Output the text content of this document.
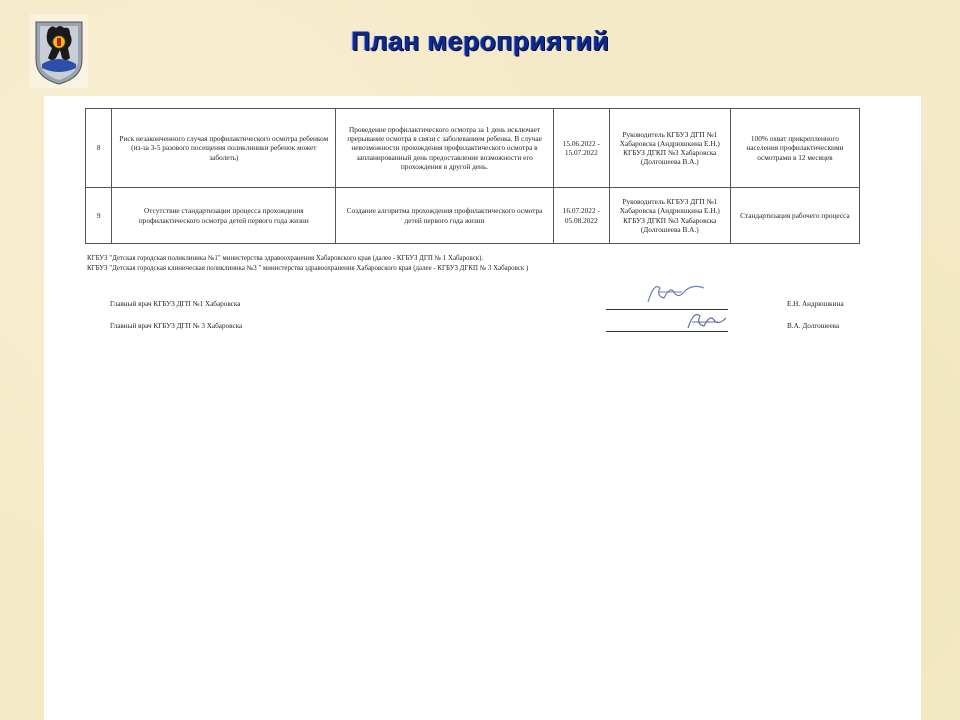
План мероприятий
8	Риск незаконченного случая профилактического осмотра ребенком (из-за 3-5 разового посещения поликлиники ребенок может заболеть)	Проведение профилактического осмотра за 1 день исключает прерывание осмотра в связи с заболеванием ребенка. В случае невозможности прохождения профилактического осмотра в запланированный день предоставление возможности его прохождения в другой день.	15.06.2022 - 15.07.2022	Руководитель КГБУЗ ДГП №1 Хабаровска (Андрюшкина Е.Н.) КГБУЗ ДГКП №3 Хабаровска (Долгошеева В.А.)	100% охват прикрепленного населения профилактическими осмотрами в 12 месяцев
9	Отсутствие стандартизации процесса прохождения профилактического осмотра детей первого года жизни	Создание алгоритма прохождения профилактического осмотра детей первого года жизни	16.07.2022 - 05.08.2022	Руководитель КГБУЗ ДГП №1 Хабаровска (Андрюшкина Е.Н.) КГБУЗ ДГКП №3 Хабаровска (Долгошеева В.А.)	Стандартизация рабочего процесса
КГБУЗ "Детская городская поликлиника №1" министерства здравоохранения Хабаровского края (далее - КГБУЗ ДГП № 1 Хабаровск).
КГБУЗ "Детская городская клиническая поликлиника №3 " министерства здравоохранения Хабаровского края (далее - КГБУЗ ДГКП № 3 Хабаровск )
Главный врач КГБУЗ ДГП №1 Хабаровска	Е.Н. Андрюшкина
Главный врач КГБУЗ ДГП № 3 Хабаровска	В.А. Долгошеева
